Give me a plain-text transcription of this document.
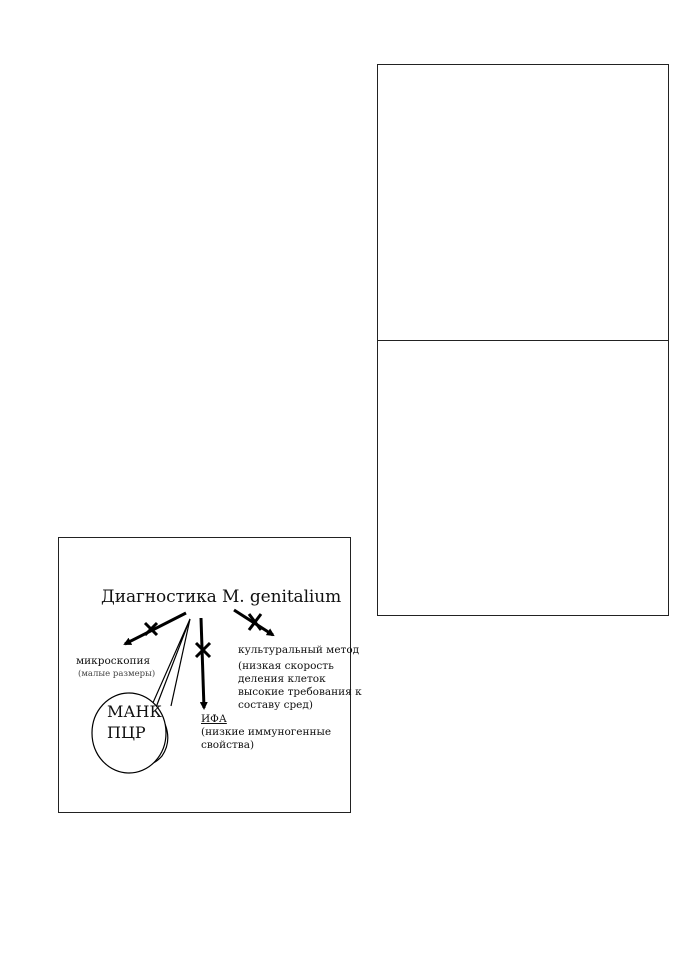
Диагностика M. genitalium
микроскопия
(малые размеры)
культуральный метод
(низкая скорость
деления клеток
высокие требования к
составу сред)
ИФА
(низкие иммуногенные
свойства)
МАНК
ПЦР
